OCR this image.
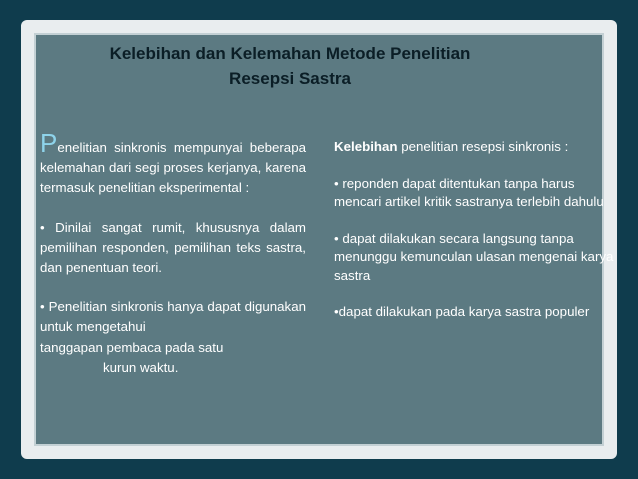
Kelebihan dan Kelemahan Metode Penelitian
Resepsi Sastra

Penelitian sinkronis mempunyai beberapa kelemahan dari segi proses kerjanya, karena termasuk penelitian eksperimental :

• Dinilai sangat rumit, khususnya dalam pemilihan responden, pemilihan teks sastra, dan penentuan teori.

• Penelitian sinkronis hanya dapat digunakan untuk mengetahui

tanggapan pembaca pada satu

kurun waktu.

Kelebihan penelitian resepsi sinkronis :

• reponden dapat ditentukan tanpa harus mencari artikel kritik sastranya terlebih dahulu

• dapat dilakukan secara langsung tanpa menunggu kemunculan ulasan mengenai karya sastra

•dapat dilakukan pada karya sastra populer
